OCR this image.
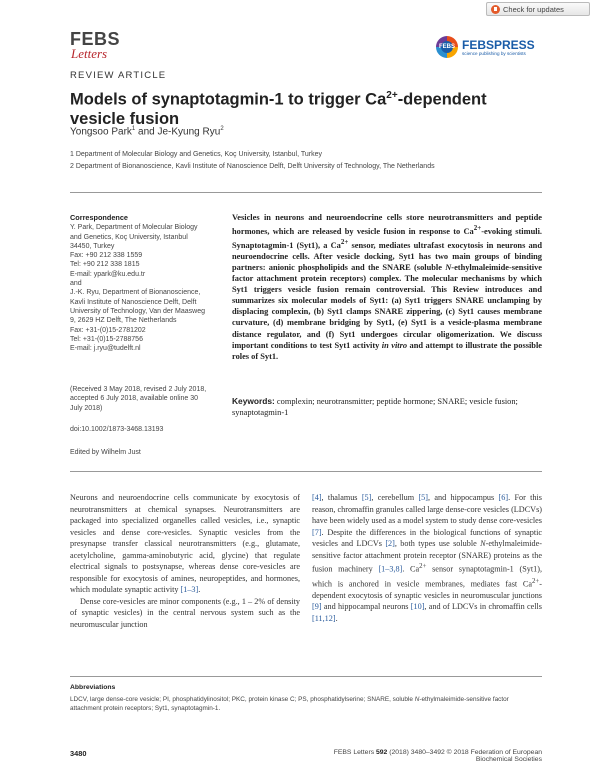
Check for updates
FEBS
Letters	FEBS FEBSPRESS
science publishing by scientists
REVIEW ARTICLE
Models of synaptotagmin-1 to trigger $Ca^{2+}$-dependent vesicle fusion
Yongsoo Park$^1$ and Je-Kyung Ryu$^2$
1 Department of Molecular Biology and Genetics, Koç University, Istanbul, Turkey
2 Department of Bionanoscience, Kavli Institute of Nanoscience Delft, Delft University of Technology, The Netherlands
Correspondence
Y. Park, Department of Molecular Biology
and Genetics, Koç University, Istanbul
34450, Turkey
Fax: +90 212 338 1559
Tel: +90 212 338 1815
E-mail: ypark@ku.edu.tr
and
J.-K. Ryu, Department of Bionanoscience,
Kavli Institute of Nanoscience Delft, Delft
University of Technology, Van der Maasweg
9, 2629 HZ Delft, The Netherlands
Fax: +31-(0)15-2781202
Tel: +31-(0)15-2788756
E-mail: j.ryu@tudelft.nl
(Received 3 May 2018, revised 2 July 2018,
accepted 6 July 2018, available online 30
July 2018)
doi:10.1002/1873-3468.13193
Edited by Wilhelm Just
Vesicles in neurons and neuroendocrine cells store neurotransmitters and peptide hormones, which are released by vesicle fusion in response to $Ca^{2+}$-evoking stimuli. Synaptotagmin-1 (Syt1), a $Ca^{2+}$ sensor, mediates ultrafast exocytosis in neurons and neuroendocrine cells. After vesicle docking, Syt1 has two main groups of binding partners: anionic phospholipids and the SNARE (soluble N-ethylmaleimide-sensitive factor attachment protein receptors) complex. The molecular mechanisms by which Syt1 triggers vesicle fusion remain controversial. This Review introduces and summarizes six molecular models of Syt1: (a) Syt1 triggers SNARE unclamping by displacing complexin, (b) Syt1 clamps SNARE zippering, (c) Syt1 causes membrane curvature, (d) membrane bridging by Syt1, (e) Syt1 is a vesicle-plasma membrane distance regulator, and (f) Syt1 undergoes circular oligomerization. We discuss important conditions to test Syt1 activity in vitro and attempt to illustrate the possible roles of Syt1.
Keywords: complexin; neurotransmitter; peptide hormone; SNARE; vesicle fusion; synaptotagmin-1

Neurons and neuroendocrine cells communicate by exocytosis of neurotransmitters at chemical synapses. Neurotransmitters are packaged into specialized organelles called vesicles, i.e., synaptic vesicles and dense core-vesicles. Synaptic vesicles from the presynapse transfer classical neurotransmitters (e.g., glutamate, acetylcholine, gamma-aminobutyric acid, glycine) that regulate electrical signals to postsynapse, whereas dense core-vesicles are responsible for exocytosis of amines, neuropeptides, and hormones, which modulate synaptic activity [1–3].

Dense core-vesicles are minor components (e.g., 1 – 2% of density of synaptic vesicles) in the central nervous system such as the neuromuscular junction

[4], thalamus [5], cerebellum [5], and hippocampus [6]. For this reason, chromaffin granules called large dense-core vesicles (LDCVs) have been widely used as a model system to study dense core-vesicles [7]. Despite the differences in the biological functions of synaptic vesicles and LDCVs [2], both types use soluble N-ethylmaleimide-sensitive factor attachment protein receptor (SNARE) proteins as the fusion machinery [1–3,8]. $Ca^{2+}$ sensor synaptotagmin-1 (Syt1), which is anchored in vesicle membranes, mediates fast $Ca^{2+}$-dependent exocytosis of synaptic vesicles in neuromuscular junctions [9] and hippocampal neurons [10], and of LDCVs in chromaffin cells [11,12].

Abbreviations
LDCV, large dense-core vesicle; PI, phosphatidylinositol; PKC, protein kinase C; PS, phosphatidylserine; SNARE, soluble N-ethylmaleimide-sensitive factor attachment protein receptors; Syt1, synaptotagmin-1.
3480	FEBS Letters 592 (2018) 3480–3492 © 2018 Federation of European Biochemical Societies
